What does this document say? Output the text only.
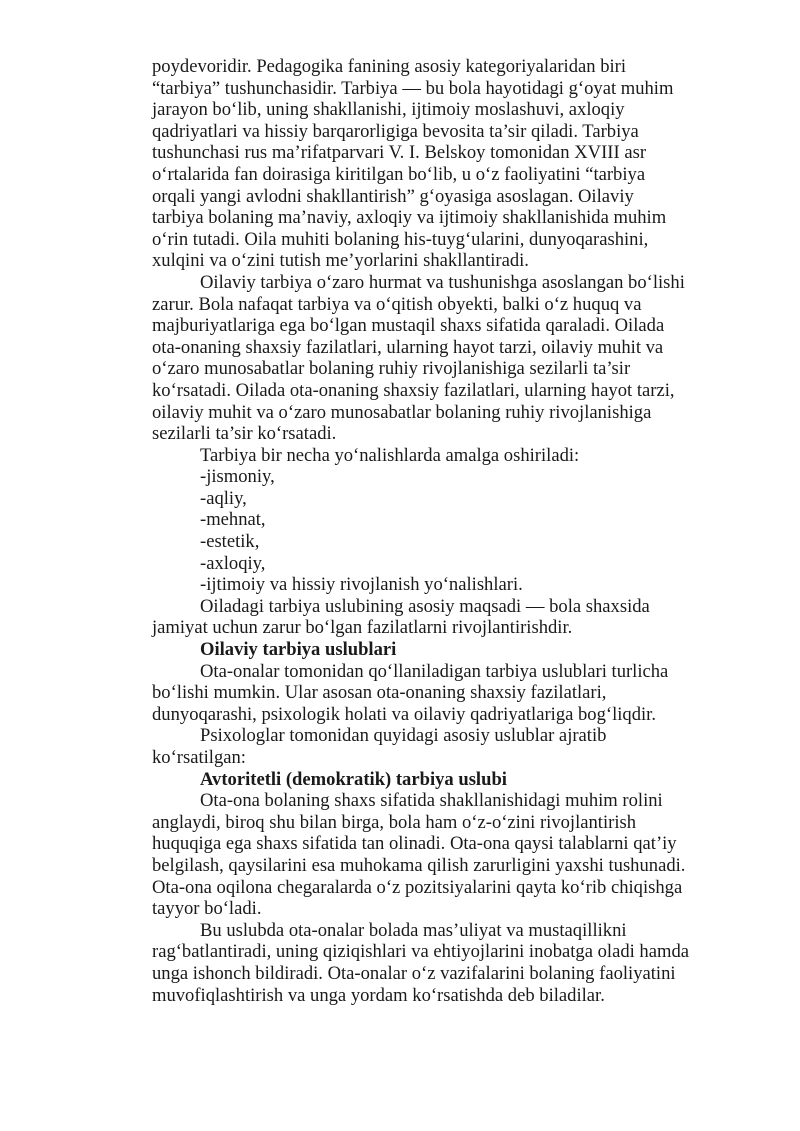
poydevoridir. Pedagogika fanining asosiy kategoriyalaridan biri “tarbiya” tushunchasidir. Tarbiya — bu bola hayotidagi g‘oyat muhim jarayon bo‘lib, uning shakllanishi, ijtimoiy moslashuvi, axloqiy qadriyatlari va hissiy barqarorligiga bevosita ta’sir qiladi. Tarbiya tushunchasi rus ma’rifatparvari V. I. Belskoy tomonidan XVIII asr o‘rtalarida fan doirasiga kiritilgan bo‘lib, u o‘z faoliyatini “tarbiya orqali yangi avlodni shakllantirish” g‘oyasiga asoslagan. Oilaviy tarbiya bolaning ma’naviy, axloqiy va ijtimoiy shakllanishida muhim o‘rin tutadi. Oila muhiti bolaning his-tuyg‘ularini, dunyoqarashini, xulqini va o‘zini tutish me’yorlarini shakllantiradi.

Oilaviy tarbiya o‘zaro hurmat va tushunishga asoslangan bo‘lishi zarur. Bola nafaqat tarbiya va o‘qitish obyekti, balki o‘z huquq va majburiyatlariga ega bo‘lgan mustaqil shaxs sifatida qaraladi. Oilada ota-onaning shaxsiy fazilatlari, ularning hayot tarzi, oilaviy muhit va o‘zaro munosabatlar bolaning ruhiy rivojlanishiga sezilarli ta’sir ko‘rsatadi. Oilada ota-onaning shaxsiy fazilatlari, ularning hayot tarzi, oilaviy muhit va o‘zaro munosabatlar bolaning ruhiy rivojlanishiga sezilarli ta’sir ko‘rsatadi.

Tarbiya bir necha yo‘nalishlarda amalga oshiriladi:

-jismoniy,

-aqliy,

-mehnat,

-estetik,

-axloqiy,

-ijtimoiy va hissiy rivojlanish yo‘nalishlari.

Oiladagi tarbiya uslubining asosiy maqsadi — bola shaxsida jamiyat uchun zarur bo‘lgan fazilatlarni rivojlantirishdir.

Oilaviy tarbiya uslublari

Ota-onalar tomonidan qo‘llaniladigan tarbiya uslublari turlicha bo‘lishi mumkin. Ular asosan ota-onaning shaxsiy fazilatlari, dunyoqarashi, psixologik holati va oilaviy qadriyatlariga bog‘liqdir.

Psixologlar tomonidan quyidagi asosiy uslublar ajratib ko‘rsatilgan:

Avtoritetli (demokratik) tarbiya uslubi

Ota-ona bolaning shaxs sifatida shakllanishidagi muhim rolini anglaydi, biroq shu bilan birga, bola ham o‘z-o‘zini rivojlantirish huquqiga ega shaxs sifatida tan olinadi. Ota-ona qaysi talablarni qat’iy belgilash, qaysilarini esa muhokama qilish zarurligini yaxshi tushunadi. Ota-ona oqilona chegaralarda o‘z pozitsiyalarini qayta ko‘rib chiqishga tayyor bo‘ladi.

Bu uslubda ota-onalar bolada mas’uliyat va mustaqillikni rag‘batlantiradi, uning qiziqishlari va ehtiyojlarini inobatga oladi hamda unga ishonch bildiradi. Ota-onalar o‘z vazifalarini bolaning faoliyatini muvofiqlashtirish va unga yordam ko‘rsatishda deb biladilar.
